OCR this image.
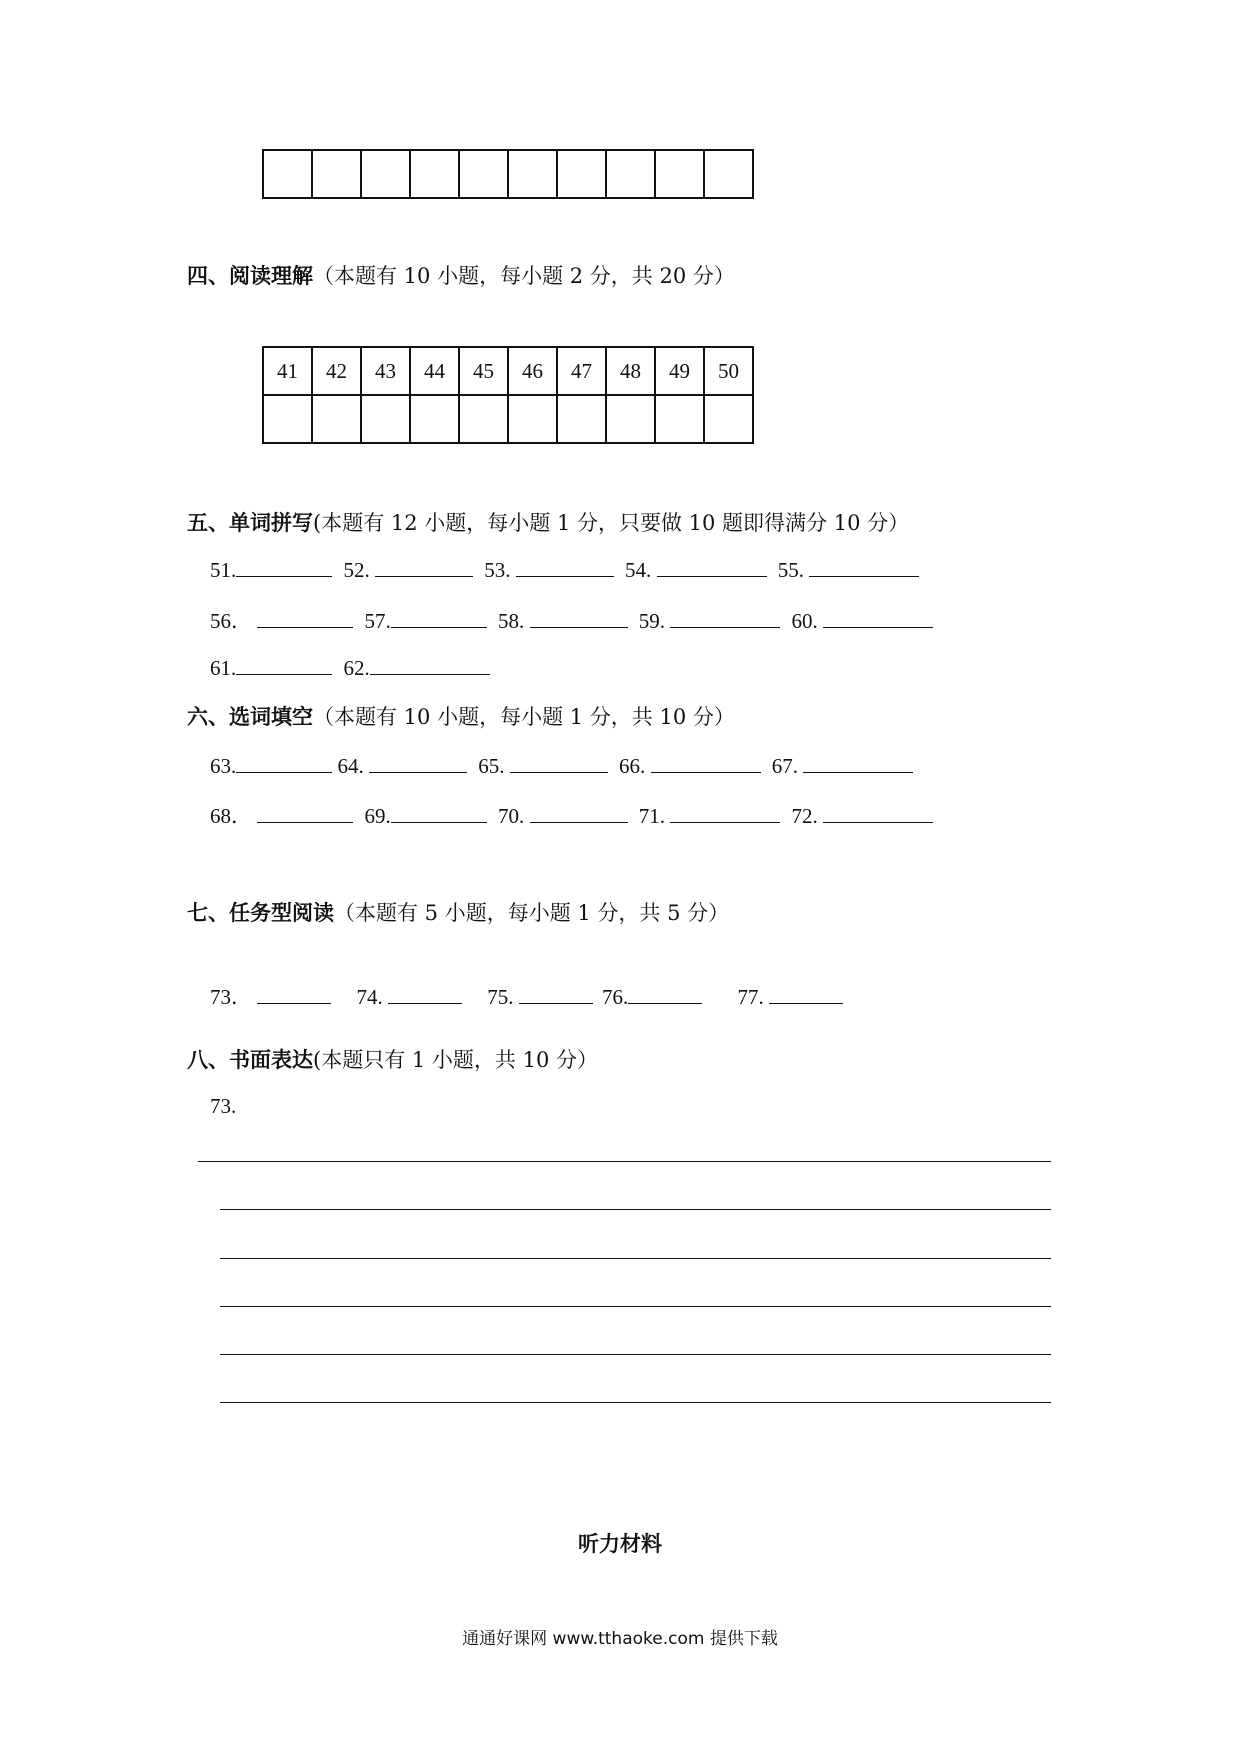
四、阅读理解（本题有 10 小题，每小题 2 分，共 20 分）
41	42	43	44	45	46	47	48	49	50

五、单词拼写(本题有 12 小题，每小题 1 分，只要做 10 题即得满分 10 分）
51.	52.	53.	54.	55.
56．	57.	58.	59.	60.
61.	62.
六、选词填空（本题有 10 小题，每小题 1 分，共 10 分）
63.	64.	65.	66.	67.
68．	69.	70.	71.	72.
七、任务型阅读（本题有 5 小题，每小题 1 分，共 5 分）
73．	74.	75.	76.	77.
八、书面表达(本题只有 1 小题，共 10 分）
73.
听力材料
通通好课网 www.tthaoke.com 提供下载
